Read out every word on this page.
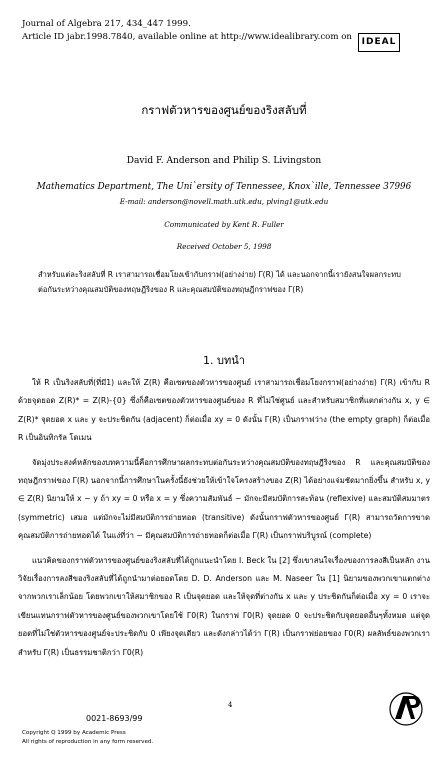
Journal of Algebra 217, 434_447 1999.
Article ID jabr.1998.7840, available online at http://www.idealibrary.com on	IDEAL
กราฟตัวหารของศูนย์ของริงสลับที่
David F. Anderson and Philip S. Livingston
Mathematics Department, The Uni`ersity of Tennessee, Knox`ille, Tennessee 37996
E-mail: anderson@novell.math.utk.edu, plving1@utk.edu
Communicated by Kent R. Fuller
Received October 5, 1998
สำหรับแต่ละริงสลับที่ R เราสามารถเชื่อมโยงเข้ากับกราฟ(อย่างง่าย) Γ(R) ได้ และนอกจากนี้เรายังสนใจผลกระทบต่อกันระหว่างคุณสมบัติของทฤษฎีริงของ R และคุณสมบัติของทฤษฎีกราฟของ Γ(R)
1. บทนำ

ให้ R เป็นริงสลับที่(ที่มี1) และให้ Z(R) คือเซตของตัวหารของศูนย์ เราสามารถเชื่อมโยงกราฟ(อย่างง่าย) Γ(R) เข้ากับ R ด้วยจุดยอด Z(R)* = Z(R)-{0} ซึ่งก็คือเซตของตัวหารของศูนย์ของ R ที่ไม่ใช่ศูนย์ และสำหรับสมาชิกที่แตกต่างกัน x, y ∈ Z(R)* จุดยอด x และ y จะประชิดกัน (adjacent) ก็ต่อเมื่อ xy = 0 ดังนั้น Γ(R) เป็นกราฟว่าง (the empty graph) ก็ต่อเมื่อ R เป็นอินทิกรัล โดเมน

จัดมุ่งประสงค์หลักของบทความนี้คือการศึกษาผลกระทบต่อกันระหว่างคุณสมบัติของทฤษฎีริงของ R และคุณสมบัติของทฤษฎีกราฟของ Γ(R) นอกจากนี้การศึกษาในครั้งนี้ยังช่วยให้เข้าใจโครงสร้างของ Z(R) ได้อย่างแจ่มชัดมากยิ่งขึ้น สำหรับ x, y ∈ Z(R) นิยามให้ x ~ y ถ้า xy = 0 หรือ x = y ซึ่งความสัมพันธ์ ~ มักจะมีสมบัติการสะท้อน (reflexive) และสมบัติสมมาตร (symmetric) เสมอ แต่มักจะไม่มีสมบัติการถ่ายทอด (transitive) ดังนั้นกราฟตัวหารของศูนย์ Γ(R) สามารถวัดการขาดคุณสมบัติการถ่ายทอดได้ ในแง่ที่ว่า ~ มีคุณสมบัติการถ่ายทอดก็ต่อเมื่อ Γ(R) เป็นกราฟบริบูรณ์ (complete)

แนวคิดของกราฟตัวหารของศูนย์ของริงสลับที่ได้ถูกแนะนำโดย I. Beck ใน [2] ซึ่งเขาสนใจเรื่องของการลงสีเป็นหลัก งานวิจัยเรื่องการลงสีของริงสลับที่ได้ถูกนำมาต่อยอดโดย D. D. Anderson และ M. Naseer ใน [1] นิยามของพวกเขาแตกต่างจากพวกเราเล็กน้อย โดยพวกเขาให้สมาชิกของ R เป็นจุดยอด และให้จุดที่ต่างกัน x และ y ประชิดกันก็ต่อเมื่อ xy = 0 เราจะเขียนแทนกราฟตัวหารของศูนย์ของพวกเขาโดยใช้ Γ0(R) ในกราฟ Γ0(R) จุดยอด 0 จะประชิดกับจุดยอดอื่นๆทั้งหมด แต่จุดยอดที่ไม่ใช่ตัวหารของศูนย์จะประชิดกับ 0 เพียงจุดเดียว และดังกล่าวได้ว่า Γ(R) เป็นกราฟย่อยของ Γ0(R) ผลลัพธ์ของพวกเราสำหรับ Γ(R) เป็นธรรมชาติกว่า Γ0(R)

0021-8693/99
4
Copyright Q 1999 by Academic Press
All rights of reproduction in any form reserved.
